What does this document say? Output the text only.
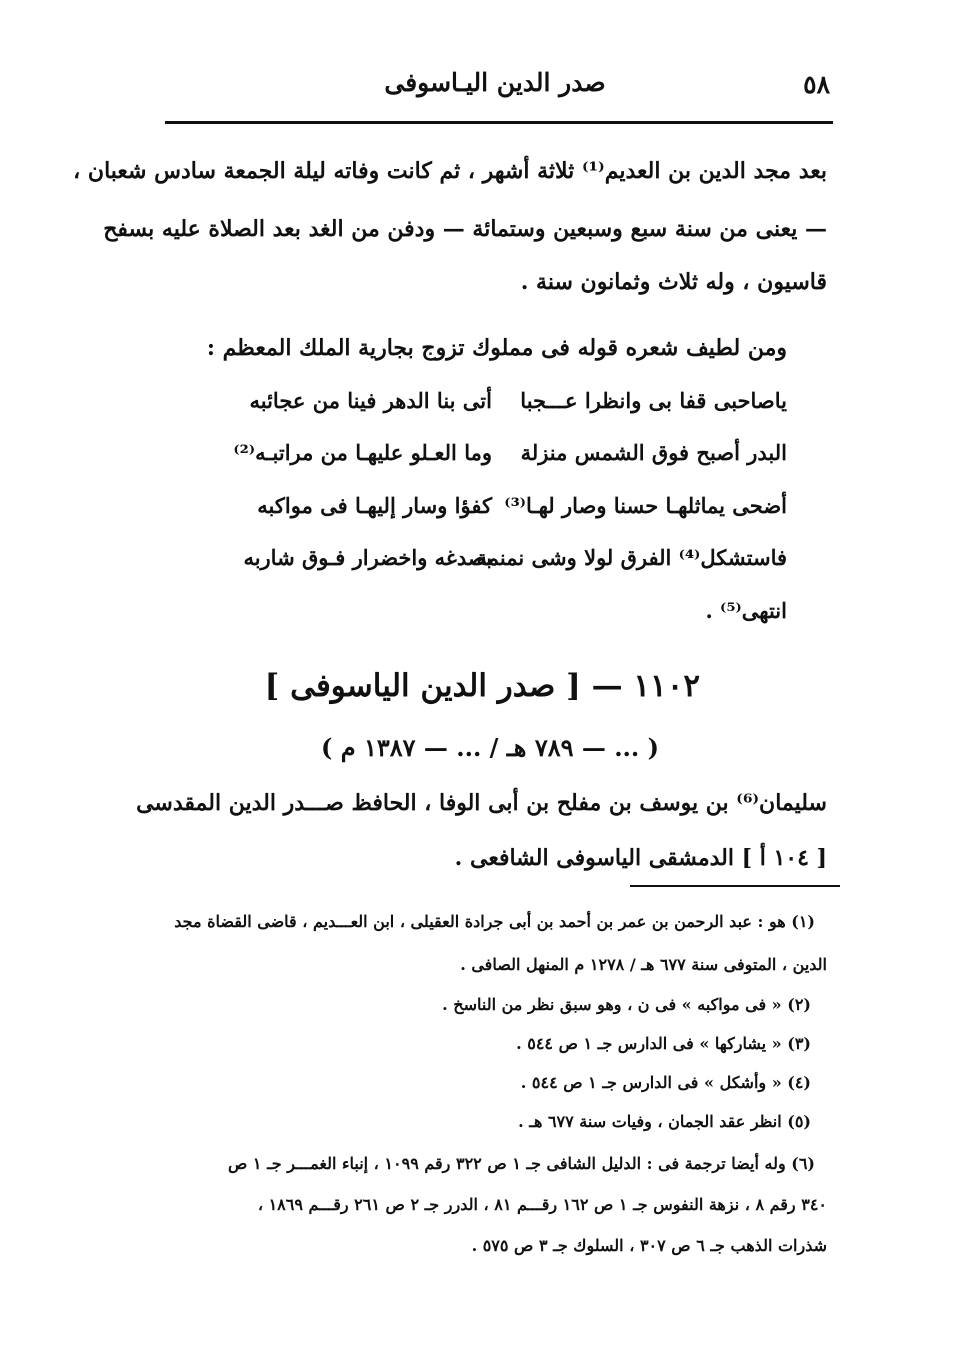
صدر الدين اليـاسوفى	٥٨
بعد مجد الدين بن العديم⁽¹⁾ ثلاثة أشهر ، ثم كانت وفاته ليلة الجمعة سادس شعبان ،
— يعنى من سنة سبع وسبعين وستمائة — ودفن من الغد بعد الصلاة عليه بسفح
قاسيون ، وله ثلاث وثمانون سنة .
ومن لطيف شعره قوله فى مملوك تزوج بجارية الملك المعظم :
ياصاحبى قفا بى وانظرا عـــجبا
أتى بنا الدهر فينا من عجائبه
البدر أصبح فوق الشمس منزلة
وما العـلو عليهـا من مراتبـه⁽²⁾
أضحى يماثلهـا حسنا وصار لهـا⁽³⁾
كفؤا وسار إليهـا فى مواكبه
فاستشكل⁽⁴⁾ الفرق لولا وشى نمنمة
بصدغه واخضرار فـوق شاربه
انتهى⁽⁵⁾ .
١١٠٢ — [ صدر الدين الياسوفى ]
( ... — ٧٨٩ هـ / ... — ١٣٨٧ م )
سليمان⁽⁶⁾ بن يوسف بن مفلح بن أبى الوفا ، الحافظ صـــدر الدين المقدسى
[ ١٠٤ أ ] الدمشقى الياسوفى الشافعى .
(١) هو : عبد الرحمن بن عمر بن أحمد بن أبى جرادة العقيلى ، ابن العـــديم ، قاضى القضاة مجد
الدين ، المتوفى سنة ٦٧٧ هـ / ١٢٧٨ م المنهل الصافى .
(٢) « فى مواكبه » فى ن ، وهو سبق نظر من الناسخ .
(٣) « يشاركها » فى الدارس جـ ١ ص ٥٤٤ .
(٤) « وأشكل » فى الدارس جـ ١ ص ٥٤٤ .
(٥) انظر عقد الجمان ، وفيات سنة ٦٧٧ هـ .
(٦) وله أيضا ترجمة فى : الدليل الشافى جـ ١ ص ٣٢٢ رقم ١٠٩٩ ، إنباء الغمـــر جـ ١ ص
٣٤٠ رقم ٨ ، نزهة النفوس جـ ١ ص ١٦٢ رقـــم ٨١ ، الدرر جـ ٢ ص ٢٦١ رقـــم ١٨٦٩ ،
شذرات الذهب جـ ٦ ص ٣٠٧ ، السلوك جـ ٣ ص ٥٧٥ .
